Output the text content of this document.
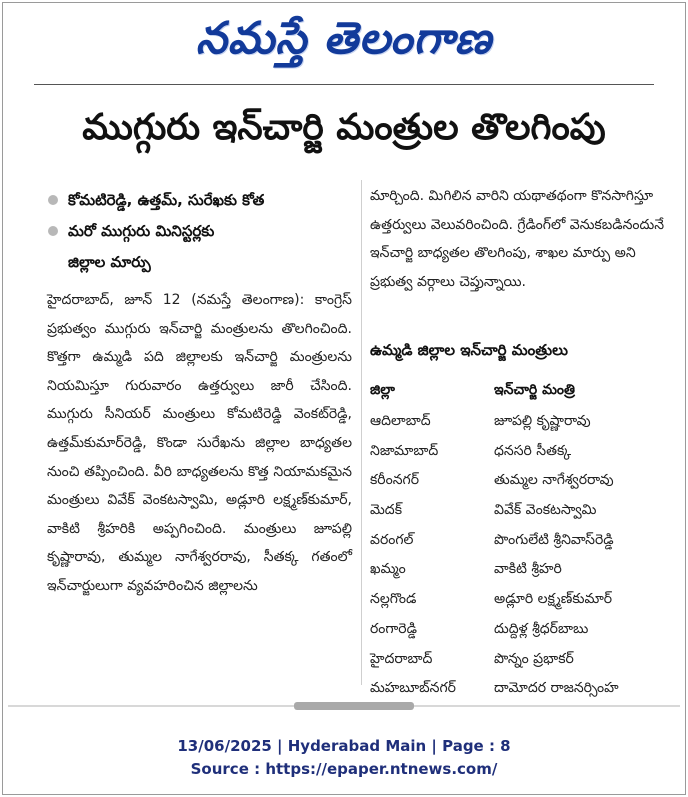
నమస్తే తెలంగాణ
ముగ్గురు ఇన్‌చార్జి మంత్రుల తొలగింపు
కోమటిరెడ్డి, ఉత్తమ్‌, సురేఖకు కోత
మరో ముగ్గురు మినిస్టర్లకు
జిల్లాల మార్పు
హైదరాబాద్‌, జూన్‌ 12 (నమస్తే తెలంగాణ): కాంగ్రెస్‌ ప్రభుత్వం ముగ్గురు ఇన్‌చార్జి మంత్రులను తొలగించింది. కొత్తగా ఉమ్మడి పది జిల్లాలకు ఇన్‌చార్జి మంత్రులను నియమిస్తూ గురువారం ఉత్తర్వులు జారీ చేసింది. ముగ్గురు సీనియర్‌ మంత్రులు కోమటిరెడ్డి వెంకట్‌రెడ్డి, ఉత్తమ్‌కుమార్‌రెడ్డి, కొండా సురేఖను జిల్లాల బాధ్యతల నుంచి తప్పించింది. వీరి బాధ్యతలను కొత్త నియామకమైన మంత్రులు వివేక్‌ వెంకటస్వామి, అడ్లూరి లక్ష్మణ్‌కుమార్‌, వాకిటి శ్రీహరికి అప్పగించింది. మంత్రులు జూపల్లి కృష్ణారావు, తుమ్మల నాగేశ్వరరావు, సీతక్క గతంలో ఇన్‌చార్జులుగా వ్యవహరించిన జిల్లాలను
మార్చింది. మిగిలిన వారిని యథాతథంగా కొనసాగిస్తూ ఉత్తర్వులు వెలువరించింది. గ్రేడింగ్‌లో వెనుకబడినందునే ఇన్‌చార్జి బాధ్యతల తొలగింపు, శాఖల మార్పు అని ప్రభుత్వ వర్గాలు చెప్తున్నాయి.
ఉమ్మడి జిల్లాల ఇన్‌చార్జి మంత్రులు
జిల్లా	ఇన్‌చార్జి మంత్రి
ఆదిలాబాద్‌	జూపల్లి కృష్ణారావు
నిజామాబాద్‌	ధనసరి సీతక్క
కరీంనగర్‌	తుమ్మల నాగేశ్వరరావు
మెదక్‌	వివేక్‌ వెంకటస్వామి
వరంగల్‌	పొంగులేటి శ్రీనివాస్‌రెడ్డి
ఖమ్మం	వాకిటి శ్రీహరి
నల్లగొండ	అడ్లూరి లక్ష్మణ్‌కుమార్‌
రంగారెడ్డి	దుద్దిళ్ల శ్రీధర్‌బాబు
హైదరాబాద్‌	పొన్నం ప్రభాకర్‌
మహబూబ్‌నగర్‌	దామోదర రాజనర్సింహ
13/06/2025 | Hyderabad Main | Page : 8
Source : https://epaper.ntnews.com/
